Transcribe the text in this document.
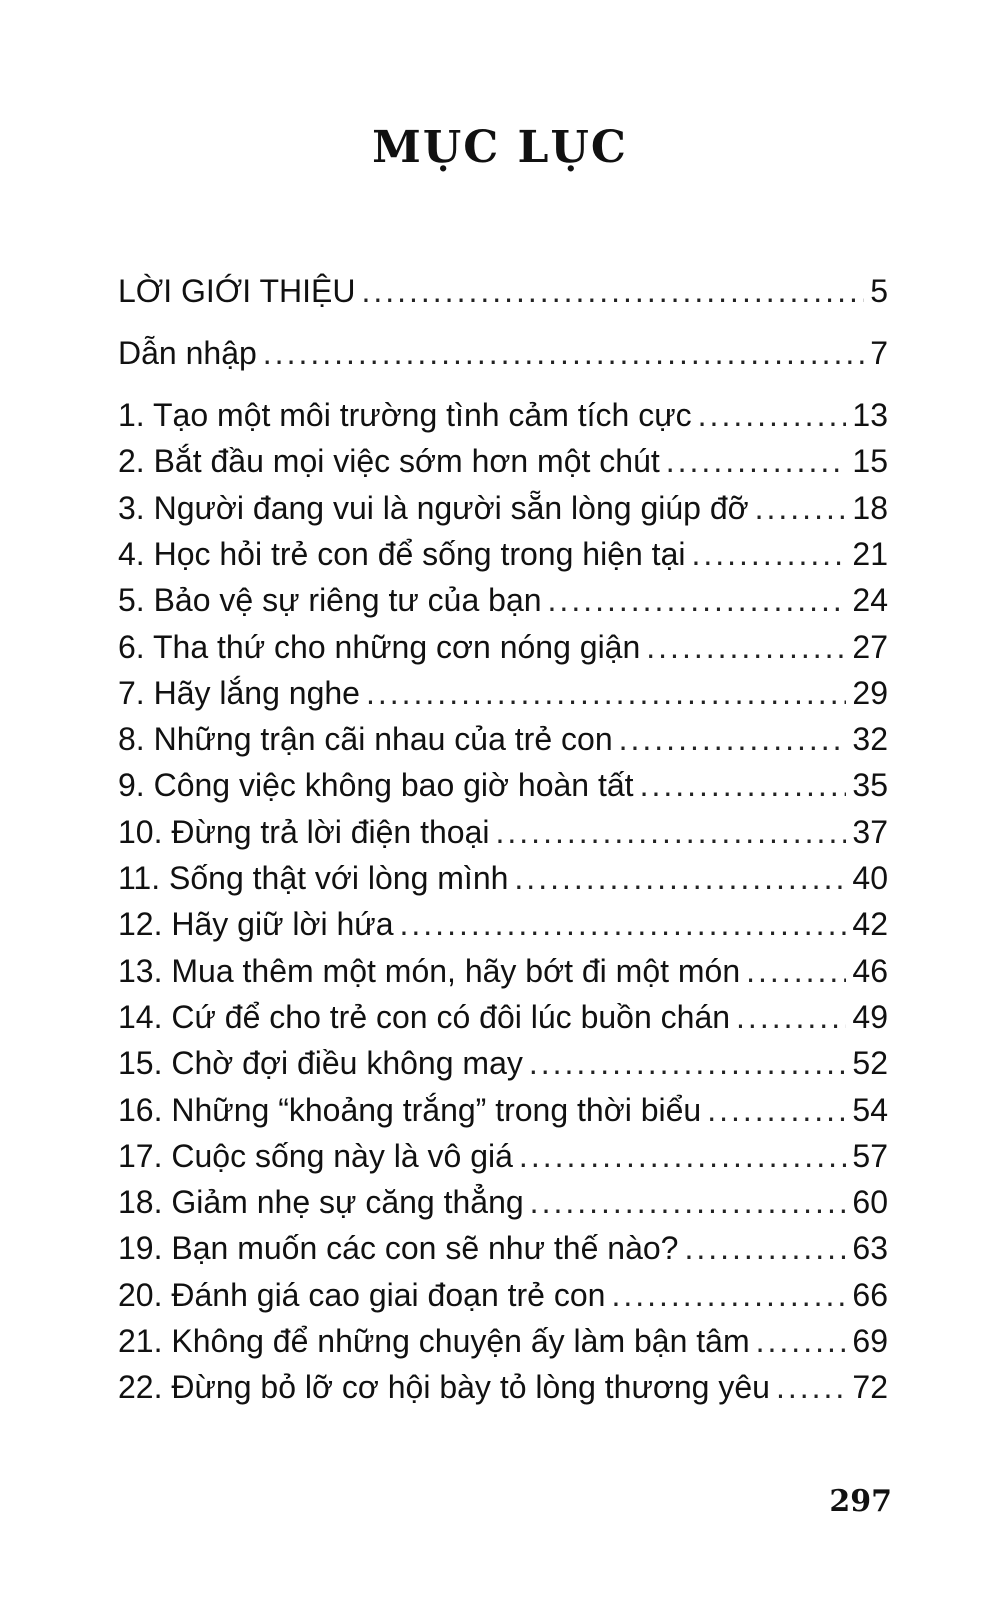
MỤC LỤC
LỜI GIỚI THIỆU .....	5
Dẫn nhập .....	7
1. Tạo một môi trường tình cảm tích cực .....	13
2. Bắt đầu mọi việc sớm hơn một chút .....	15
3. Người đang vui là người sẵn lòng giúp đỡ .....	18
4. Học hỏi trẻ con để sống trong hiện tại .....	21
5. Bảo vệ sự riêng tư của bạn .....	24
6. Tha thứ cho những cơn nóng giận .....	27
7. Hãy lắng nghe .....	29
8. Những trận cãi nhau của trẻ con .....	32
9. Công việc không bao giờ hoàn tất .....	35
10. Đừng trả lời điện thoại .....	37
11. Sống thật với lòng mình .....	40
12. Hãy giữ lời hứa .....	42
13. Mua thêm một món, hãy bớt đi một món .....	46
14. Cứ để cho trẻ con có đôi lúc buồn chán .....	49
15. Chờ đợi điều không may .....	52
16. Những “khoảng trắng” trong thời biểu .....	54
17. Cuộc sống này là vô giá .....	57
18. Giảm nhẹ sự căng thẳng .....	60
19. Bạn muốn các con sẽ như thế nào? .....	63
20. Đánh giá cao giai đoạn trẻ con .....	66
21. Không để những chuyện ấy làm bận tâm .....	69
22. Đừng bỏ lỡ cơ hội bày tỏ lòng thương yêu .....	72
297
